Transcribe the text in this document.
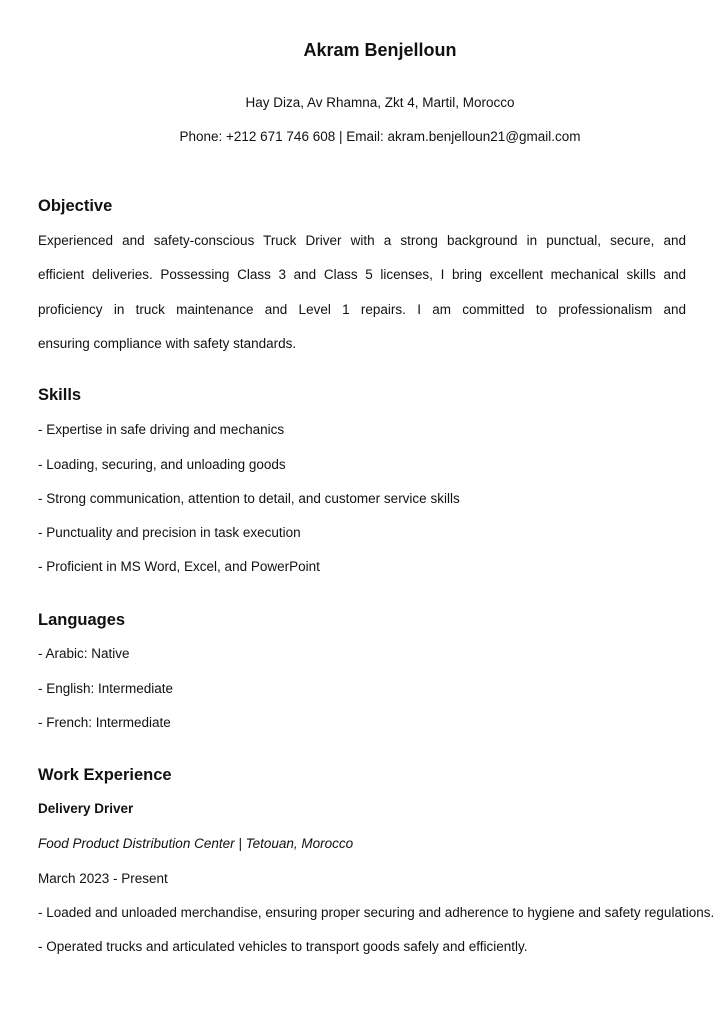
Akram Benjelloun
Hay Diza, Av Rhamna, Zkt 4, Martil, Morocco
Phone: +212 671 746 608 | Email: akram.benjelloun21@gmail.com
Objective
Experienced and safety-conscious Truck Driver with a strong background in punctual, secure, and
efficient deliveries. Possessing Class 3 and Class 5 licenses, I bring excellent mechanical skills and
proficiency in truck maintenance and Level 1 repairs. I am committed to professionalism and
ensuring compliance with safety standards.
Skills
- Expertise in safe driving and mechanics
- Loading, securing, and unloading goods
- Strong communication, attention to detail, and customer service skills
- Punctuality and precision in task execution
- Proficient in MS Word, Excel, and PowerPoint
Languages
- Arabic: Native
- English: Intermediate
- French: Intermediate
Work Experience
Delivery Driver
Food Product Distribution Center | Tetouan, Morocco
March 2023 - Present
- Loaded and unloaded merchandise, ensuring proper securing and adherence to hygiene and safety regulations.
- Operated trucks and articulated vehicles to transport goods safely and efficiently.
